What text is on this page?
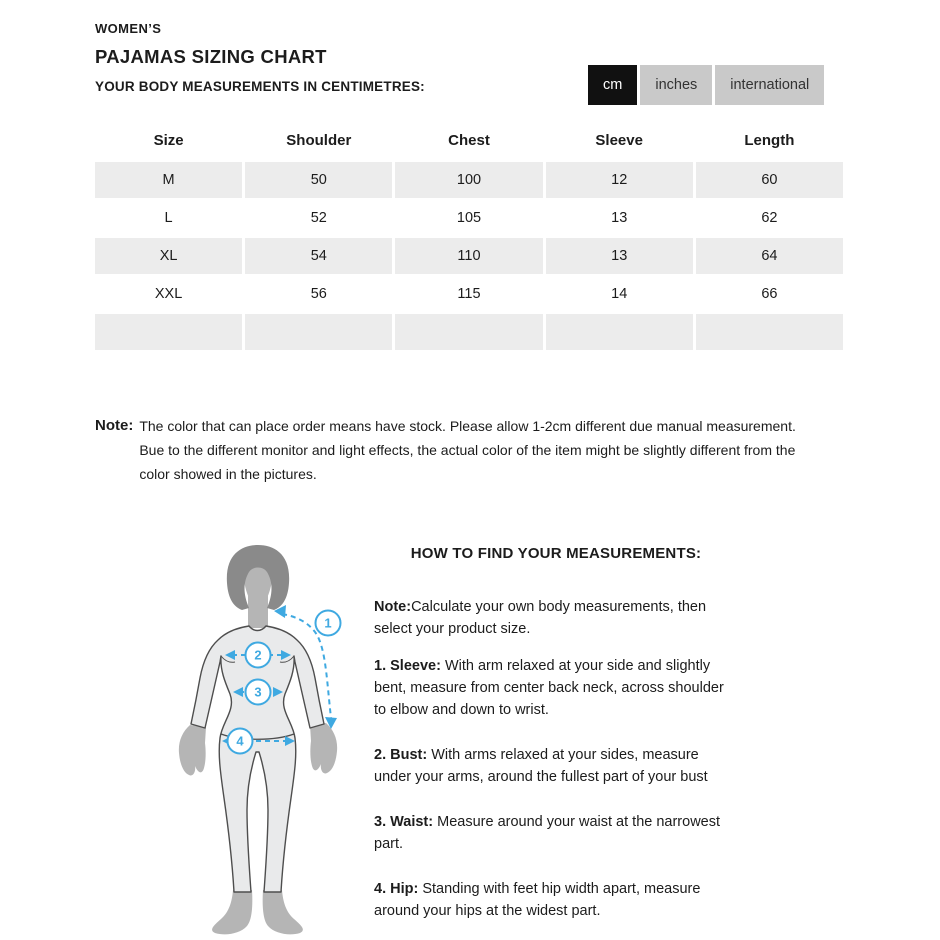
WOMEN’S
PAJAMAS SIZING CHART
YOUR BODY MEASUREMENTS IN CENTIMETRES:	cm	inches	international
Size	Shoulder	Chest	Sleeve	Length
M	50	100	12	60
L	52	105	13	62
XL	54	110	13	64
XXL	56	115	14	66
Note: The color that can place order means have stock. Please allow 1-2cm different due manual measurement. Bue to the different monitor and light effects, the actual color of the item might be slightly different from the color showed in the pictures.
1
2
3
4
HOW TO FIND YOUR MEASUREMENTS:

Note:Calculate your own body measurements, then select your product size.

1. Sleeve: With arm relaxed at your side and slightly bent, measure from center back neck, across shoulder to elbow and down to wrist.

2. Bust: With arms relaxed at your sides, measure under your arms, around the fullest part of your bust

3. Waist: Measure around your waist at the narrowest part.

4. Hip: Standing with feet hip width apart, measure around your hips at the widest part.
